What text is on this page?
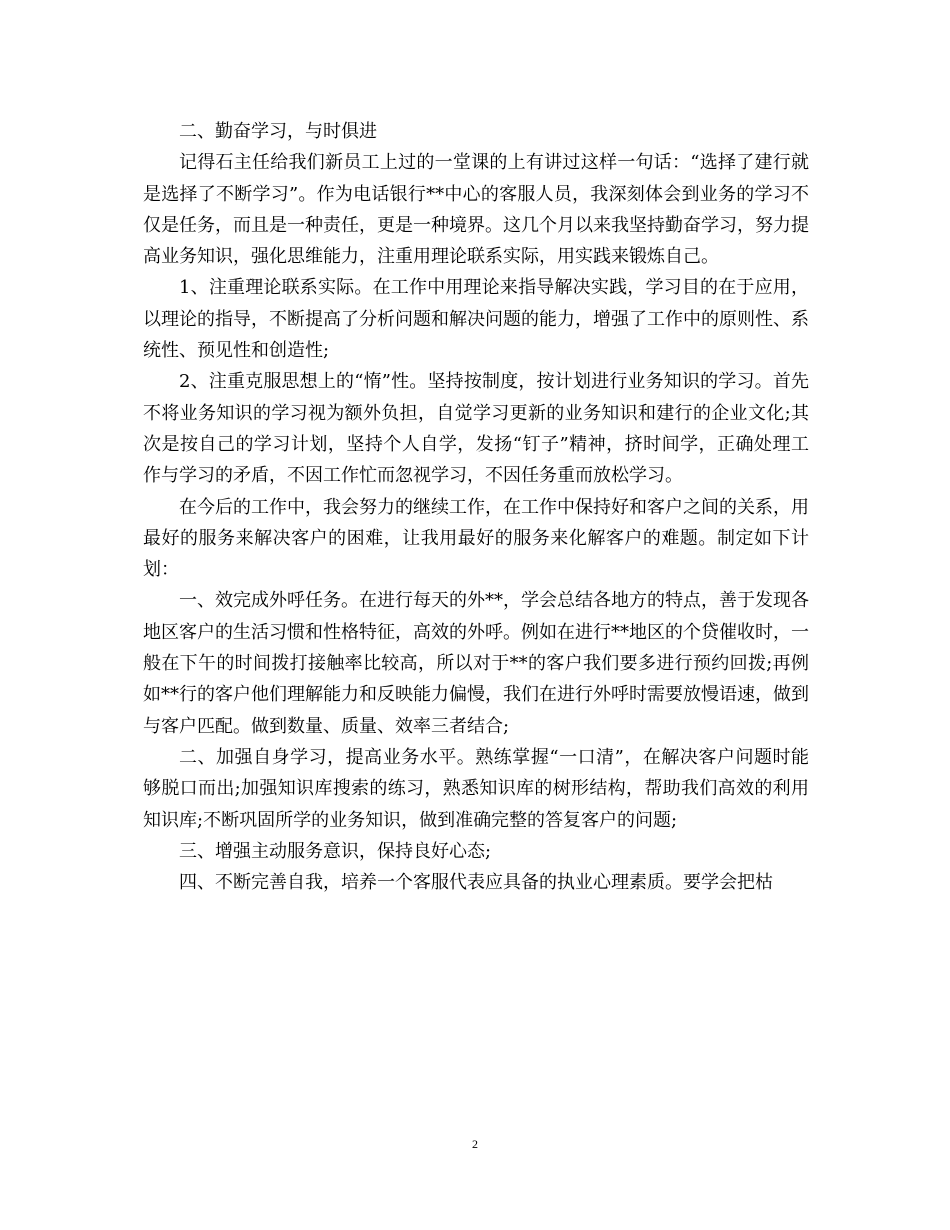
二、勤奋学习，与时俱进

记得石主任给我们新员工上过的一堂课的上有讲过这样一句话：“选择了建行就是选择了不断学习”。作为电话银行**中心的客服人员，我深刻体会到业务的学习不仅是任务，而且是一种责任，更是一种境界。这几个月以来我坚持勤奋学习，努力提高业务知识，强化思维能力，注重用理论联系实际，用实践来锻炼自己。

1、注重理论联系实际。在工作中用理论来指导解决实践，学习目的在于应用，以理论的指导，不断提高了分析问题和解决问题的能力，增强了工作中的原则性、系统性、预见性和创造性;

2、注重克服思想上的“惰”性。坚持按制度，按计划进行业务知识的学习。首先不将业务知识的学习视为额外负担，自觉学习更新的业务知识和建行的企业文化;其次是按自己的学习计划，坚持个人自学，发扬“钉子”精神，挤时间学，正确处理工作与学习的矛盾，不因工作忙而忽视学习，不因任务重而放松学习。

在今后的工作中，我会努力的继续工作，在工作中保持好和客户之间的关系，用最好的服务来解决客户的困难，让我用最好的服务来化解客户的难题。制定如下计划：

一、效完成外呼任务。在进行每天的外**，学会总结各地方的特点，善于发现各地区客户的生活习惯和性格特征，高效的外呼。例如在进行**地区的个贷催收时，一般在下午的时间拨打接触率比较高，所以对于**的客户我们要多进行预约回拨;再例如**行的客户他们理解能力和反映能力偏慢，我们在进行外呼时需要放慢语速，做到与客户匹配。做到数量、质量、效率三者结合;

二、加强自身学习，提高业务水平。熟练掌握“一口清”，在解决客户问题时能够脱口而出;加强知识库搜索的练习，熟悉知识库的树形结构，帮助我们高效的利用知识库;不断巩固所学的业务知识，做到准确完整的答复客户的问题;

三、增强主动服务意识，保持良好心态;

四、不断完善自我，培养一个客服代表应具备的执业心理素质。要学会把枯

2
